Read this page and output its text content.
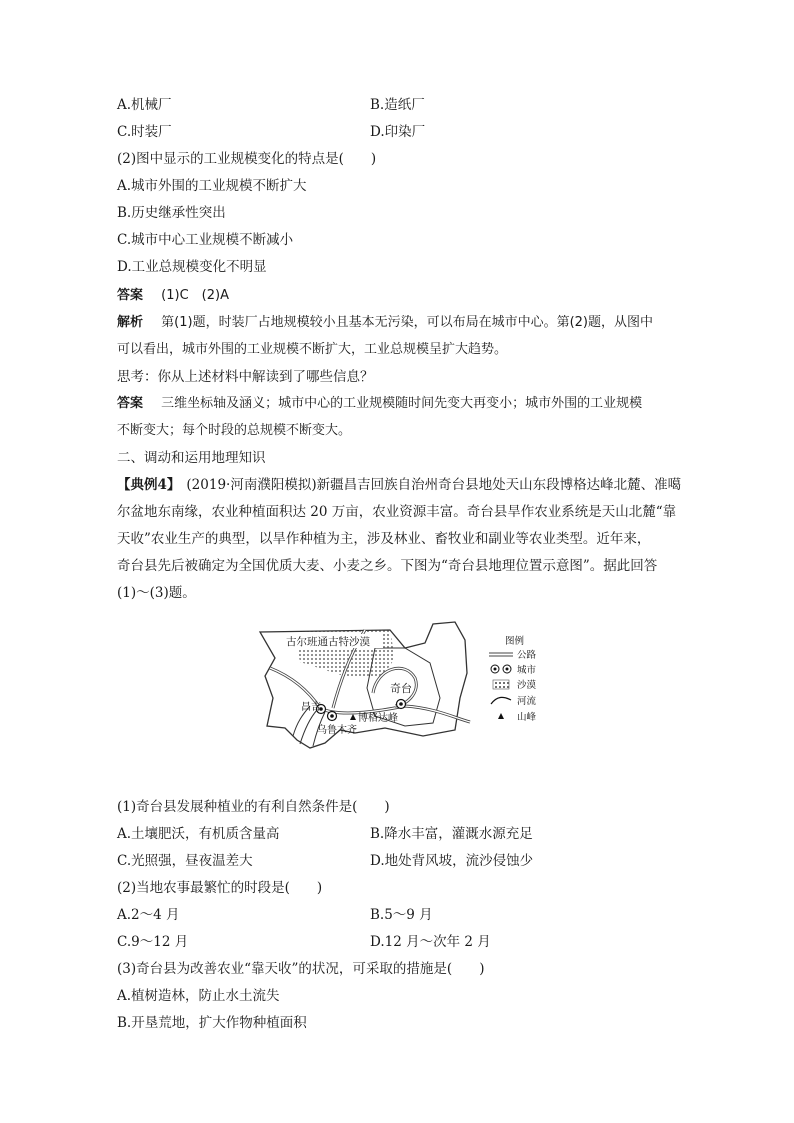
A.机械厂	B.造纸厂
C.时装厂	D.印染厂
(2)图中显示的工业规模变化的特点是(　　)
A.城市外围的工业规模不断扩大
B.历史继承性突出
C.城市中心工业规模不断减小
D.工业总规模变化不明显
答案 (1)C　(2)A
解析 第(1)题，时装厂占地规模较小且基本无污染，可以布局在城市中心。第(2)题，从图中
可以看出，城市外围的工业规模不断扩大，工业总规模呈扩大趋势。
思考：你从上述材料中解读到了哪些信息？
答案 三维坐标轴及涵义；城市中心的工业规模随时间先变大再变小；城市外围的工业规模
不断变大；每个时段的总规模不断变大。
二、调动和运用地理知识
【典例4】 (2019·河南濮阳模拟)新疆昌吉回族自治州奇台县地处天山东段博格达峰北麓、准噶
尔盆地东南缘，农业种植面积达 20 万亩，农业资源丰富。奇台县旱作农业系统是天山北麓“靠
天收”农业生产的典型，以旱作种植为主，涉及林业、畜牧业和副业等农业类型。近年来，
奇台县先后被确定为全国优质大麦、小麦之乡。下图为“奇台县地理位置示意图”。据此回答
(1)～(3)题。
古尔班通古特沙漠
奇台
昌吉
乌鲁木齐
博格达峰
图例
公路
城市
沙漠
河流
山峰
(1)奇台县发展种植业的有利自然条件是(　　)
A.土壤肥沃，有机质含量高	B.降水丰富，灌溉水源充足
C.光照强，昼夜温差大	D.地处背风坡，流沙侵蚀少
(2)当地农事最繁忙的时段是(　　)
A.2～4 月	B.5～9 月
C.9～12 月	D.12 月～次年 2 月
(3)奇台县为改善农业“靠天收”的状况，可采取的措施是(　　)
A.植树造林，防止水土流失
B.开垦荒地，扩大作物种植面积
